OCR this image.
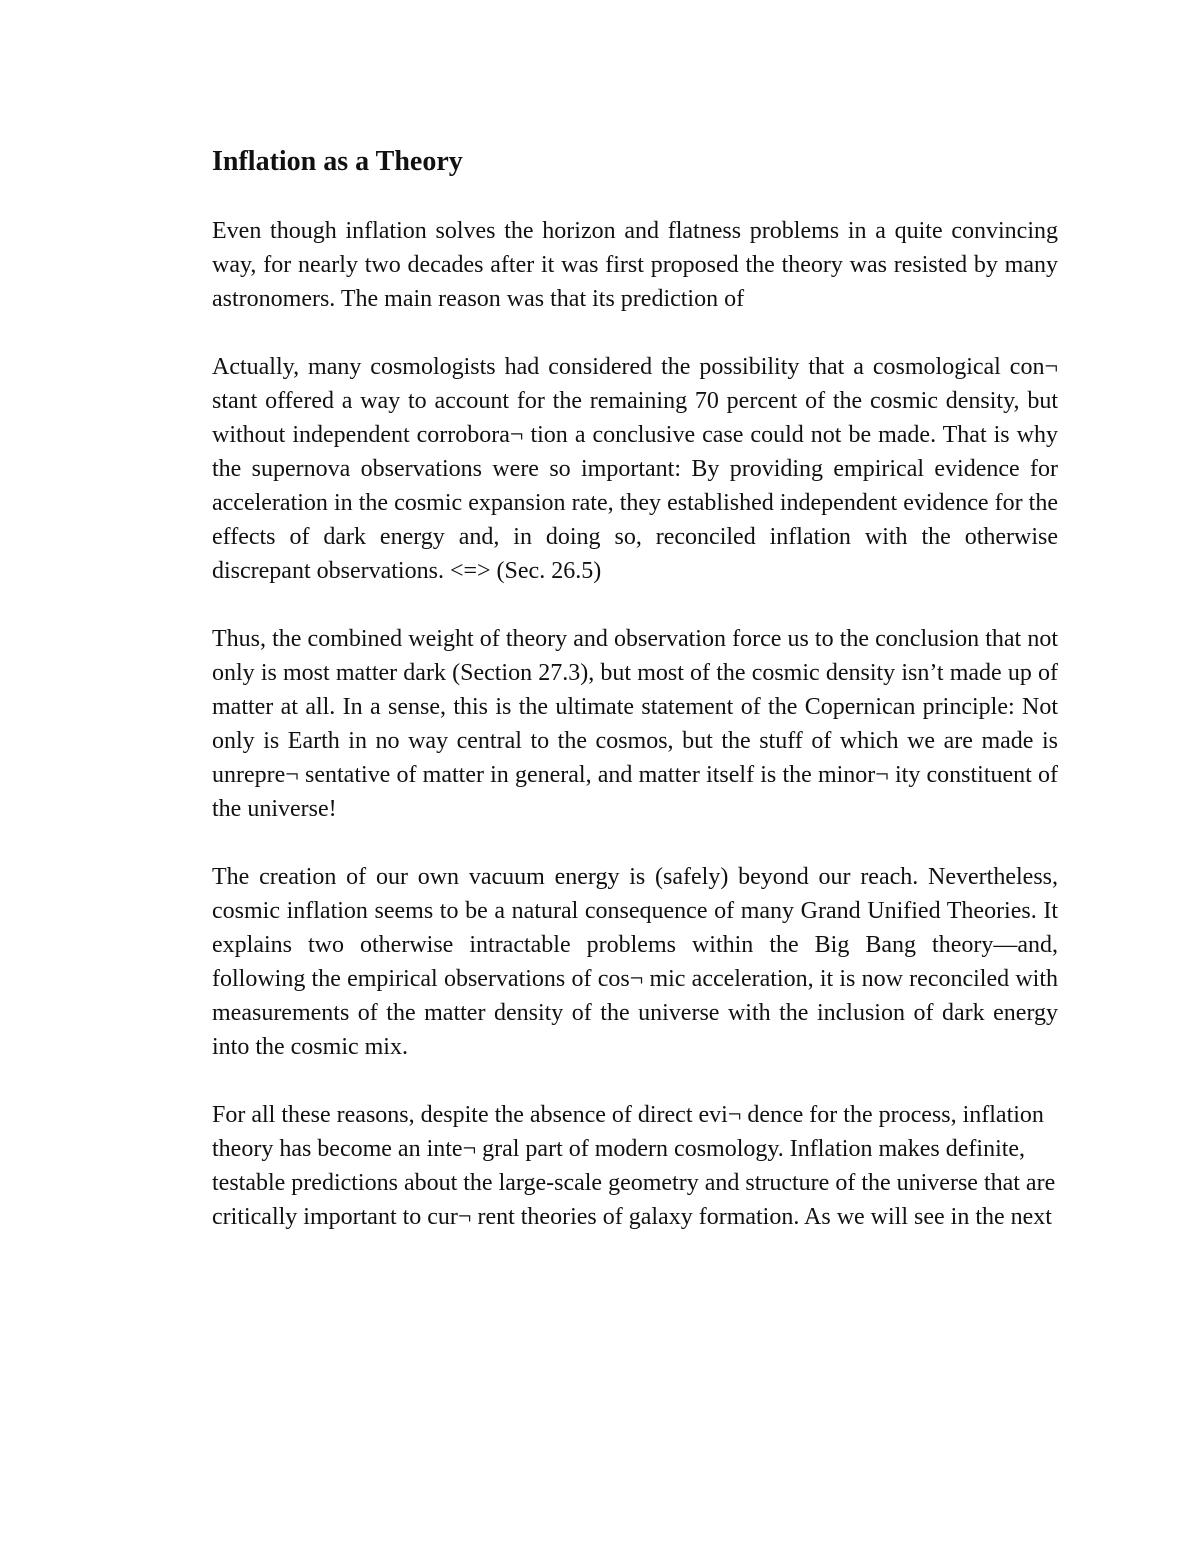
Inflation as a Theory

Even though inflation solves the horizon and flatness problems in a quite convincing way, for nearly two decades after it was first proposed the theory was resisted by many astronomers. The main reason was that its prediction of

Actually, many cosmologists had considered the possibility that a cosmological con¬ stant offered a way to account for the remaining 70 percent of the cosmic density, but without independent corrobora¬ tion a conclusive case could not be made. That is why the supernova observations were so important: By providing empirical evidence for acceleration in the cosmic expansion rate, they established independent evidence for the effects of dark energy and, in doing so, reconciled inflation with the otherwise discrepant observations. <=> (Sec. 26.5)

Thus, the combined weight of theory and observation force us to the conclusion that not only is most matter dark (Section 27.3), but most of the cosmic density isn’t made up of matter at all. In a sense, this is the ultimate statement of the Copernican principle: Not only is Earth in no way central to the cosmos, but the stuff of which we are made is unrepre¬ sentative of matter in general, and matter itself is the minor¬ ity constituent of the universe!

The creation of our own vacuum energy is (safely) beyond our reach. Nevertheless, cosmic inflation seems to be a natural consequence of many Grand Unified Theories. It explains two otherwise intractable problems within the Big Bang theory—and, following the empirical observations of cos¬ mic acceleration, it is now reconciled with measurements of the matter density of the universe with the inclusion of dark energy into the cosmic mix.

For all these reasons, despite the absence of direct evi¬ dence for the process, inflation theory has become an inte¬ gral part of modern cosmology. Inflation makes definite, testable predictions about the large-scale geometry and structure of the universe that are critically important to cur¬ rent theories of galaxy formation. As we will see in the next
